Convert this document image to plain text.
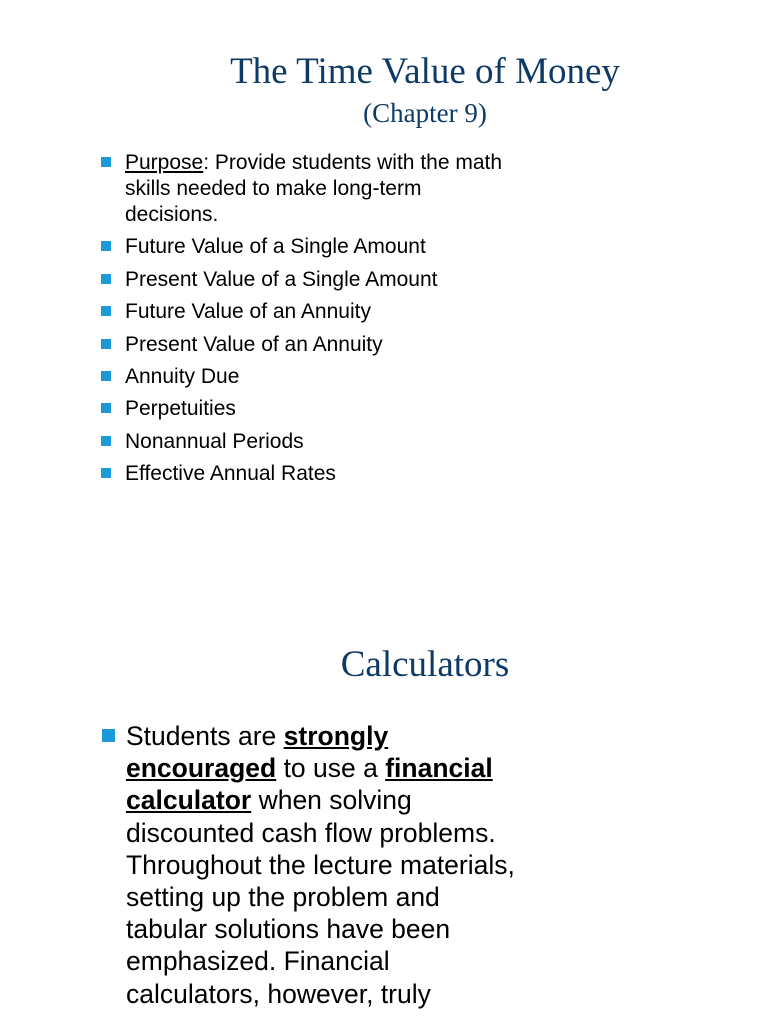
The Time Value of Money
(Chapter 9)
Purpose: Provide students with the math skills needed to make long-term decisions.
Future Value of a Single Amount
Present Value of a Single Amount
Future Value of an Annuity
Present Value of an Annuity
Annuity Due
Perpetuities
Nonannual Periods
Effective Annual Rates
Calculators
Students are strongly encouraged to use a financial calculator when solving discounted cash flow problems. Throughout the lecture materials, setting up the problem and tabular solutions have been emphasized. Financial calculators, however, truly
